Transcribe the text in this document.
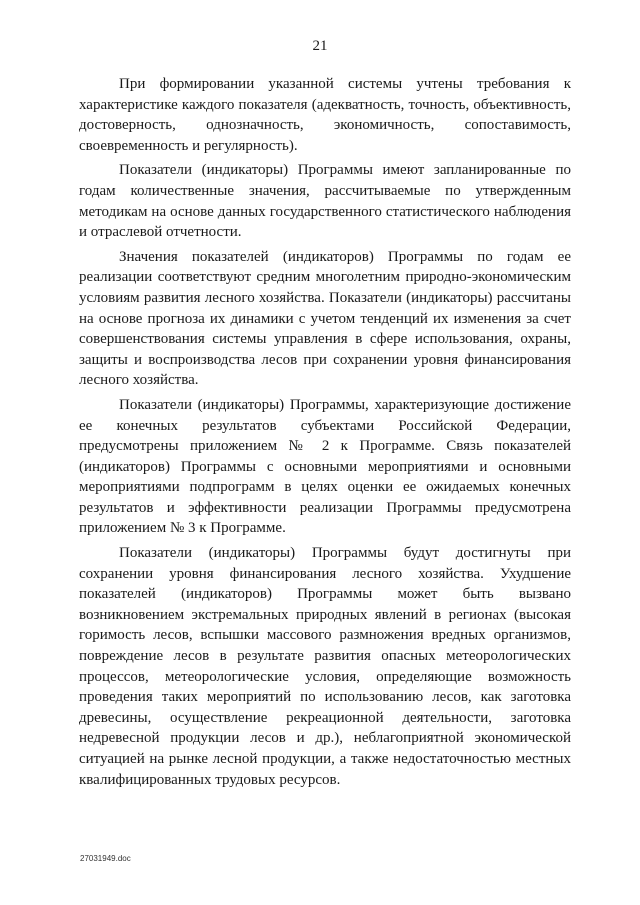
21

При формировании указанной системы учтены требования к характеристике каждого показателя (адекватность, точность, объективность, достоверность, однозначность, экономичность, сопоставимость, своевременность и регулярность).

Показатели (индикаторы) Программы имеют запланированные по годам количественные значения, рассчитываемые по утвержденным методикам на основе данных государственного статистического наблюдения и отраслевой отчетности.

Значения показателей (индикаторов) Программы по годам ее реализации соответствуют средним многолетним природно-экономическим условиям развития лесного хозяйства. Показатели (индикаторы) рассчитаны на основе прогноза их динамики с учетом тенденций их изменения за счет совершенствования системы управления в сфере использования, охраны, защиты и воспроизводства лесов при сохранении уровня финансирования лесного хозяйства.

Показатели (индикаторы) Программы, характеризующие достижение ее конечных результатов субъектами Российской Федерации, предусмотрены приложением № 2 к Программе. Связь показателей (индикаторов) Программы с основными мероприятиями и основными мероприятиями подпрограмм в целях оценки ее ожидаемых конечных результатов и эффективности реализации Программы предусмотрена приложением № 3 к Программе.

Показатели (индикаторы) Программы будут достигнуты при сохранении уровня финансирования лесного хозяйства. Ухудшение показателей (индикаторов) Программы может быть вызвано возникновением экстремальных природных явлений в регионах (высокая горимость лесов, вспышки массового размножения вредных организмов, повреждение лесов в результате развития опасных метеорологических процессов, метеорологические условия, определяющие возможность проведения таких мероприятий по использованию лесов, как заготовка древесины, осуществление рекреационной деятельности, заготовка недревесной продукции лесов и др.), неблагоприятной экономической ситуацией на рынке лесной продукции, а также недостаточностью местных квалифицированных трудовых ресурсов.

27031949.doc
